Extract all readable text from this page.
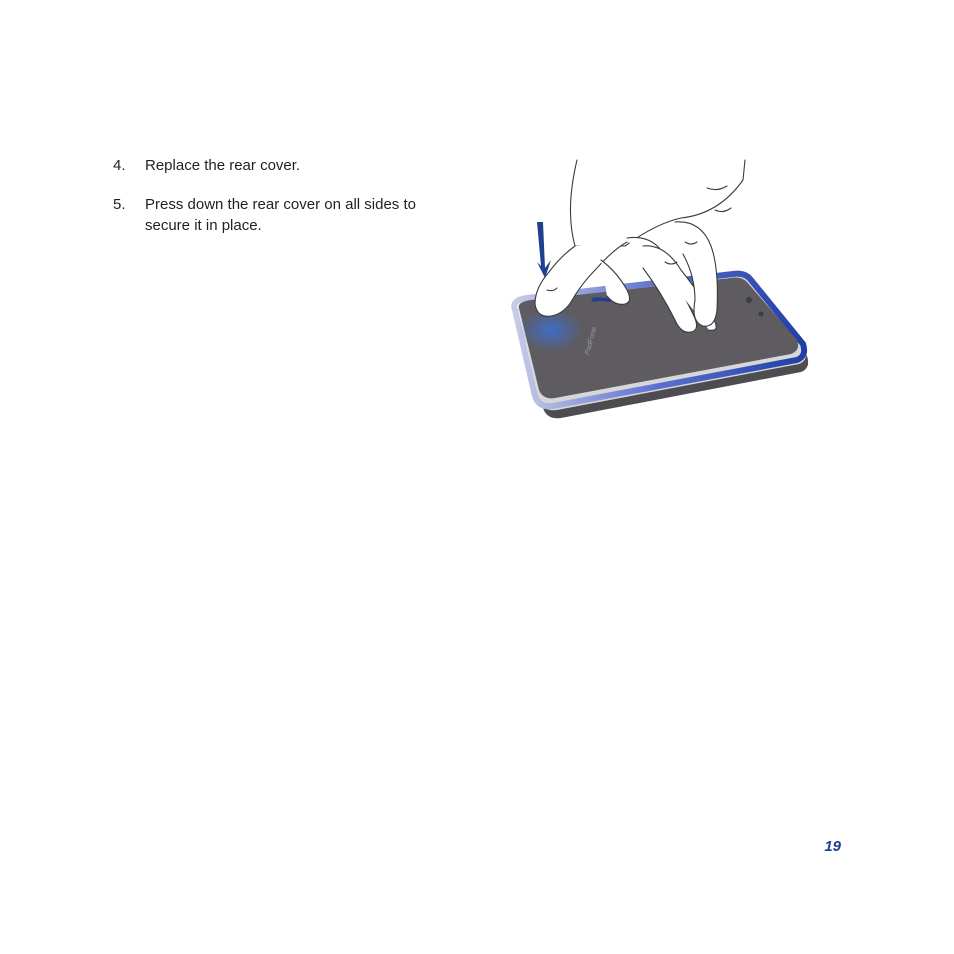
4.	Replace the rear cover.
5.	Press down the rear cover on all sides to secure it in place.
PadFone
19
